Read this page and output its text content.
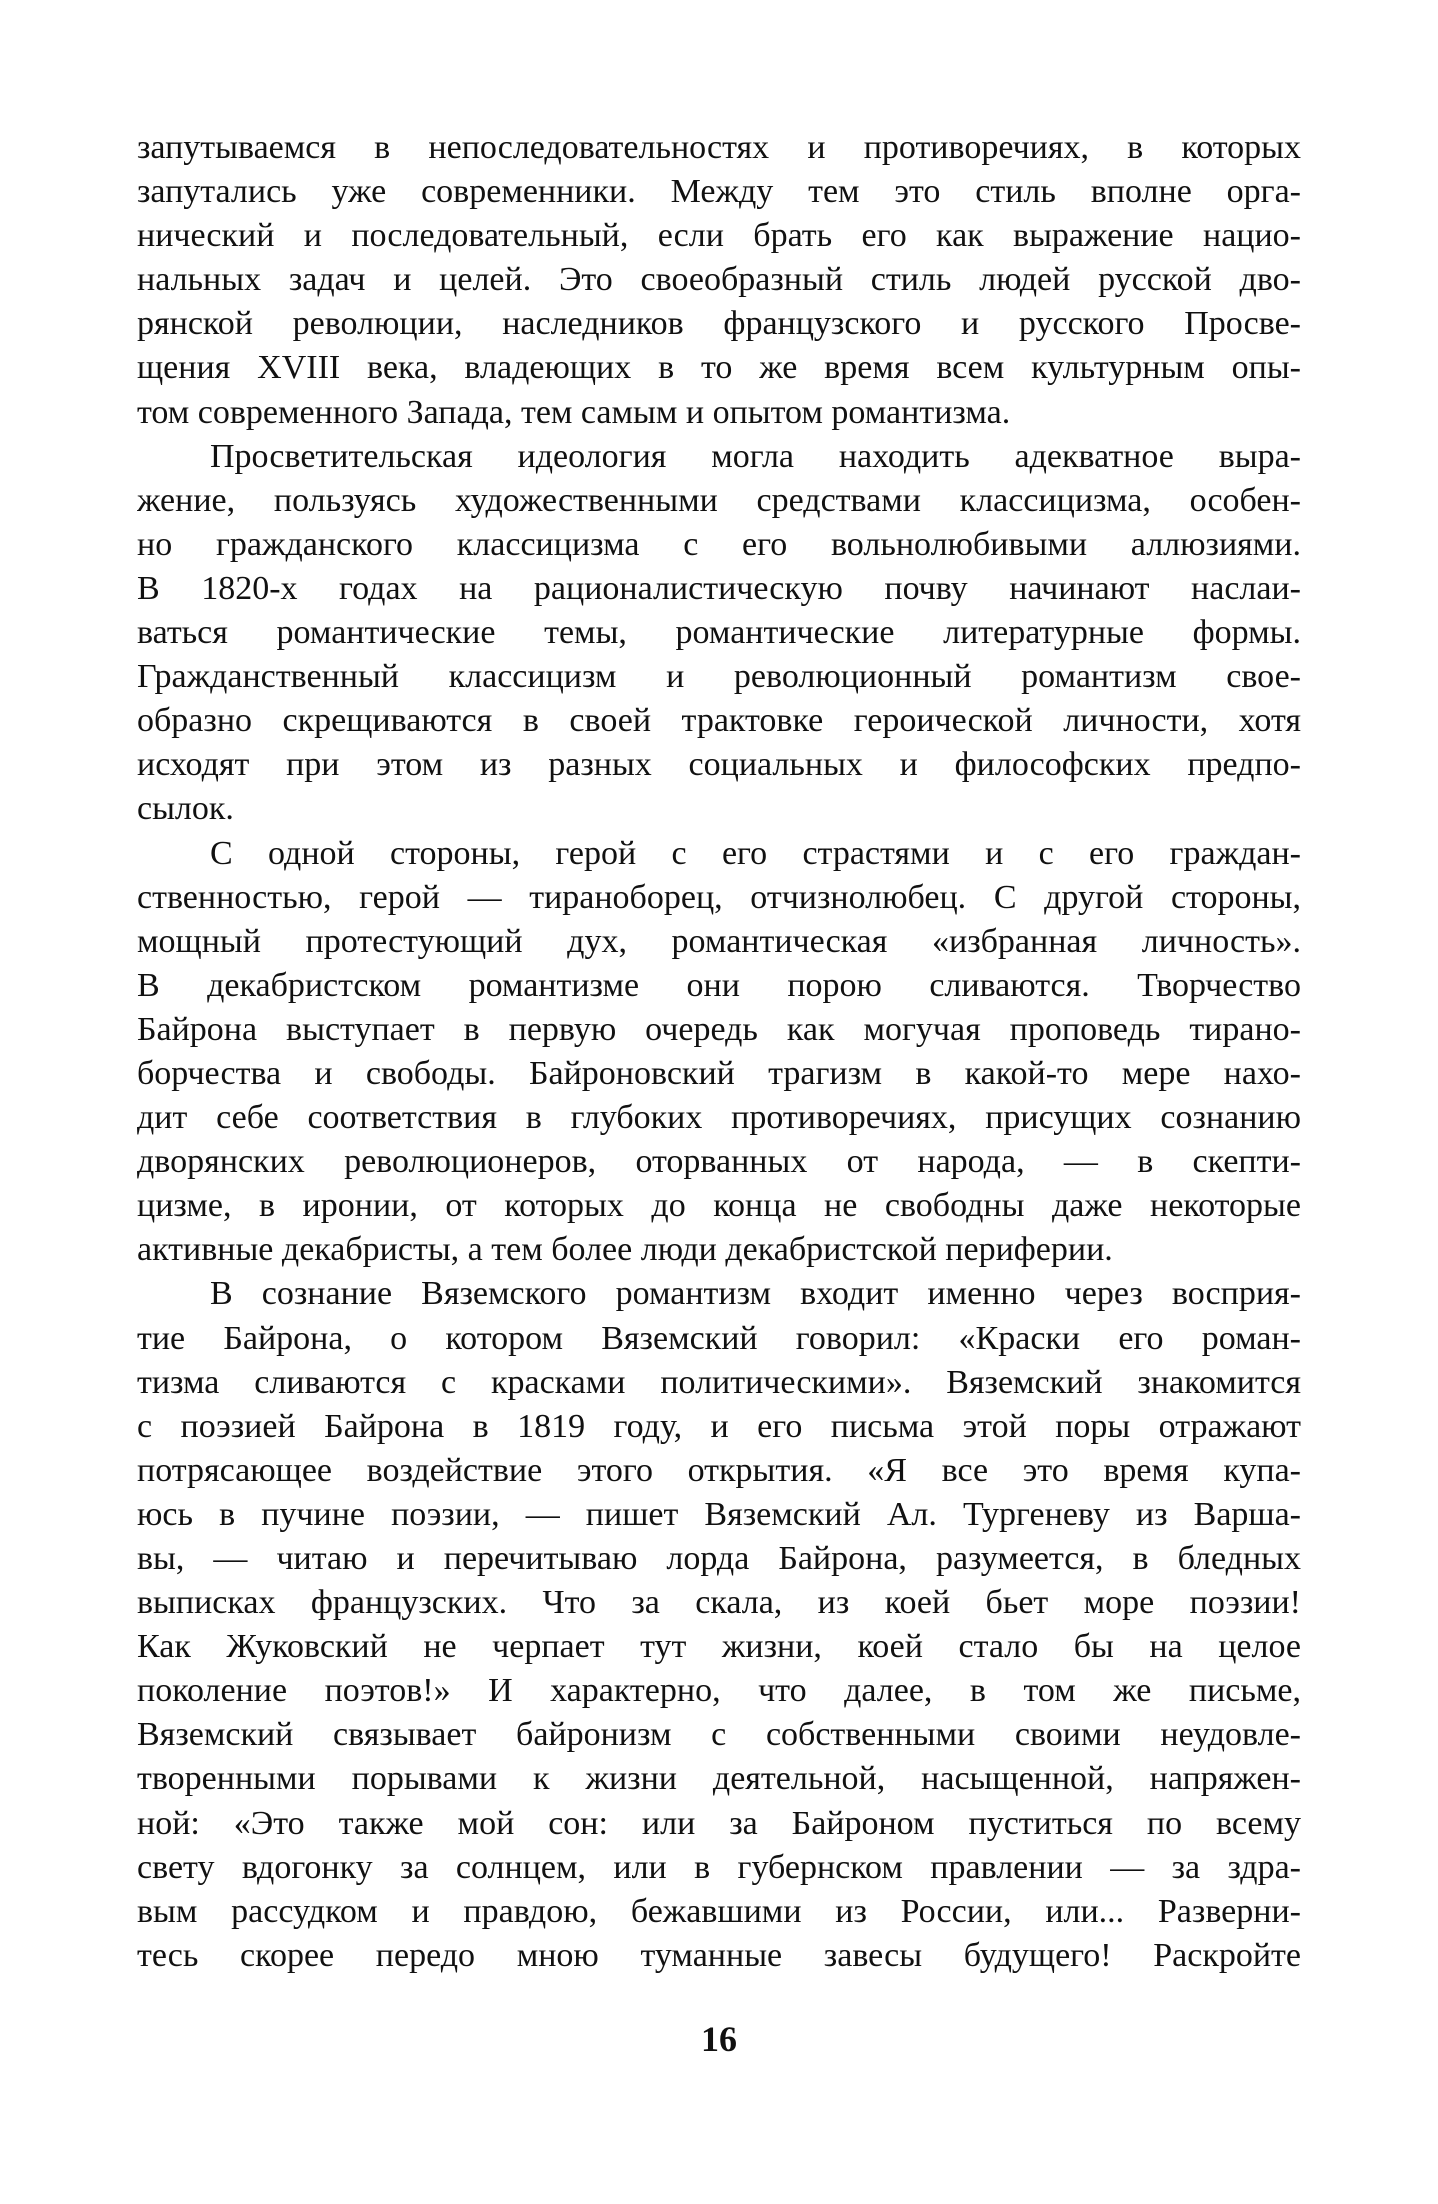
запутываемся в непоследовательностях и противоречиях, в которых
запутались уже современники. Между тем это стиль вполне орга-
нический и последовательный, если брать его как выражение нацио-
нальных задач и целей. Это своеобразный стиль людей русской дво-
рянской революции, наследников французского и русского Просве-
щения XVIII века, владеющих в то же время всем культурным опы-
том современного Запада, тем самым и опытом романтизма.
Просветительская идеология могла находить адекватное выра-
жение, пользуясь художественными средствами классицизма, особен-
но гражданского классицизма с его вольнолюбивыми аллюзиями.
В 1820-х годах на рационалистическую почву начинают наслаи-
ваться романтические темы, романтические литературные формы.
Гражданственный классицизм и революционный романтизм свое-
образно скрещиваются в своей трактовке героической личности, хотя
исходят при этом из разных социальных и философских предпо-
сылок.
С одной стороны, герой с его страстями и с его граждан-
ственностью, герой — тираноборец, отчизнолюбец. С другой стороны,
мощный протестующий дух, романтическая «избранная личность».
В декабристском романтизме они порою сливаются. Творчество
Байрона выступает в первую очередь как могучая проповедь тирано-
борчества и свободы. Байроновский трагизм в какой-то мере нахо-
дит себе соответствия в глубоких противоречиях, присущих сознанию
дворянских революционеров, оторванных от народа, — в скепти-
цизме, в иронии, от которых до конца не свободны даже некоторые
активные декабристы, а тем более люди декабристской периферии.
В сознание Вяземского романтизм входит именно через восприя-
тие Байрона, о котором Вяземский говорил: «Краски его роман-
тизма сливаются с красками политическими». Вяземский знакомится
с поэзией Байрона в 1819 году, и его письма этой поры отражают
потрясающее воздействие этого открытия. «Я все это время купа-
юсь в пучине поэзии, — пишет Вяземский Ал. Тургеневу из Варша-
вы, — читаю и перечитываю лорда Байрона, разумеется, в бледных
выписках французских. Что за скала, из коей бьет море поэзии!
Как Жуковский не черпает тут жизни, коей стало бы на целое
поколение поэтов!» И характерно, что далее, в том же письме,
Вяземский связывает байронизм с собственными своими неудовле-
творенными порывами к жизни деятельной, насыщенной, напряжен-
ной: «Это также мой сон: или за Байроном пуститься по всему
свету вдогонку за солнцем, или в губернском правлении — за здра-
вым рассудком и правдою, бежавшими из России, или... Разверни-
тесь скорее передо мною туманные завесы будущего! Раскройте
16
